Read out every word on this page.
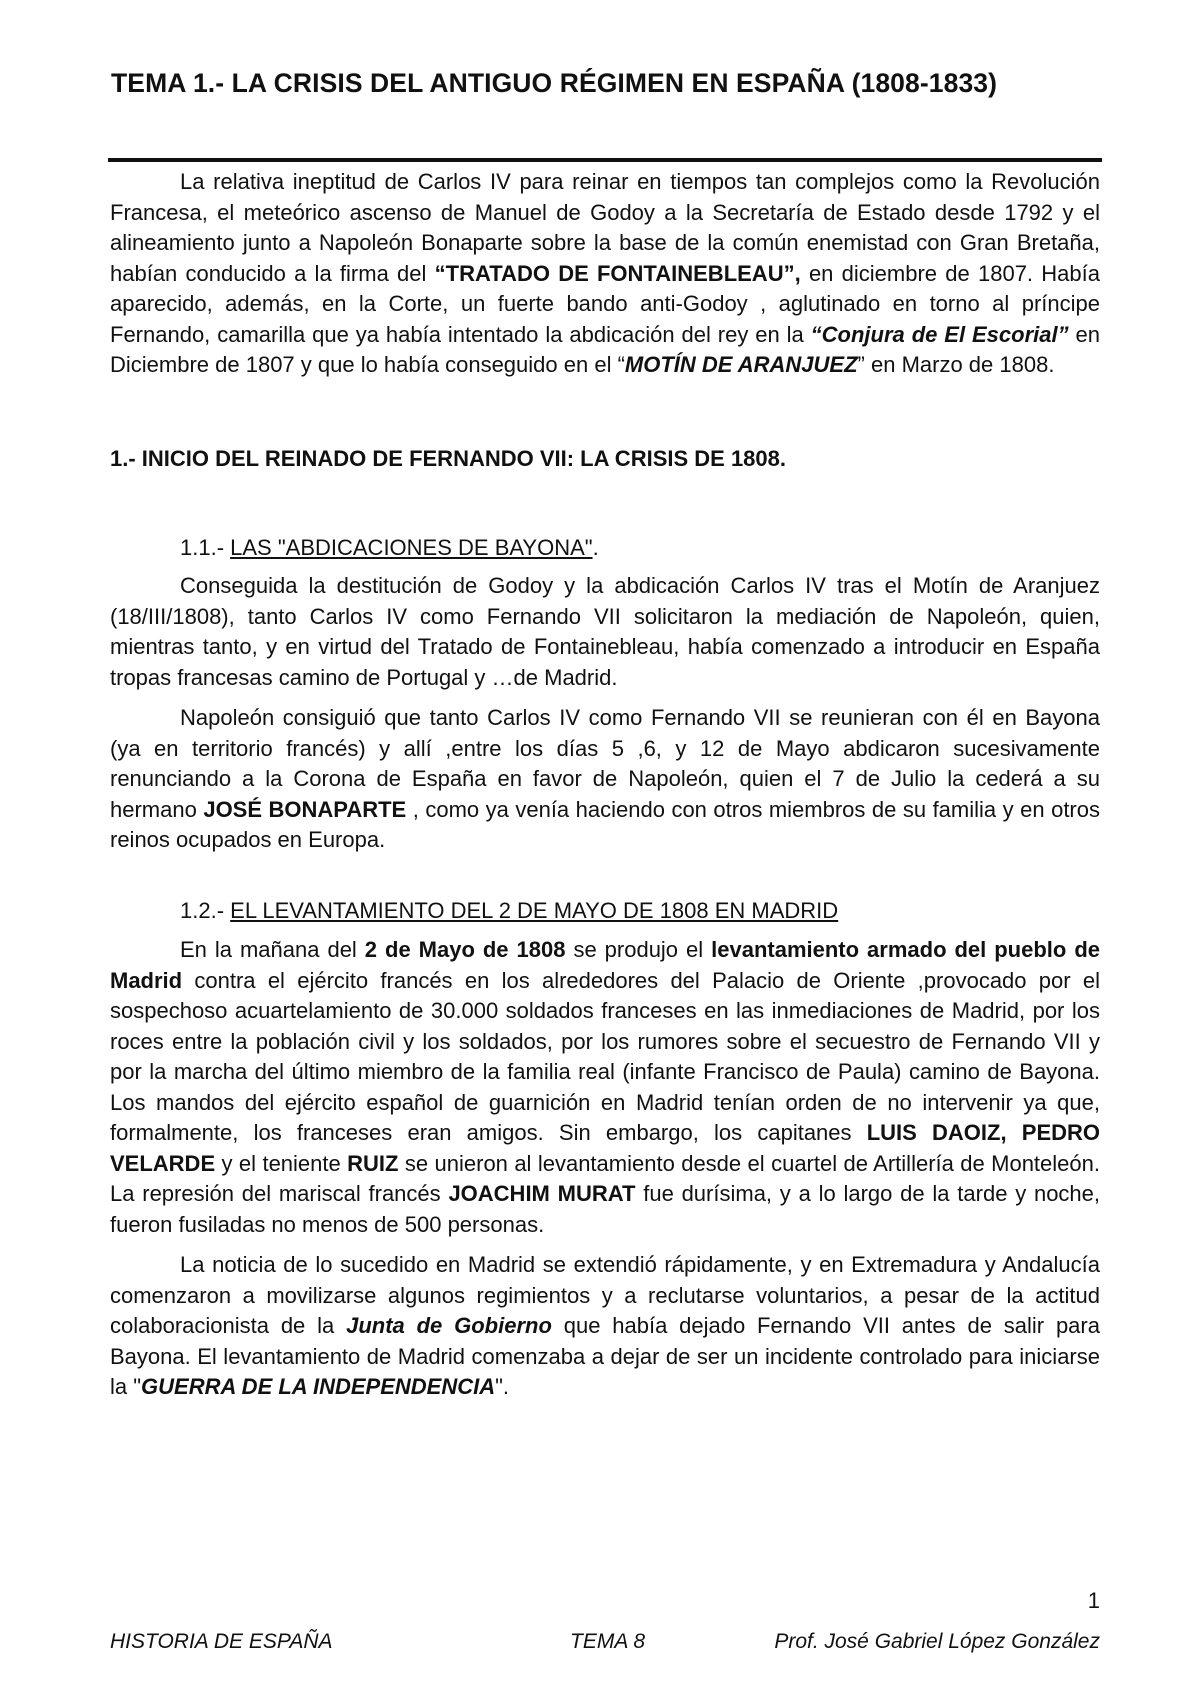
TEMA 1.- LA CRISIS DEL ANTIGUO RÉGIMEN EN ESPAÑA (1808-1833)

La relativa ineptitud de Carlos IV para reinar en tiempos tan complejos como la Revolución Francesa, el meteórico ascenso de Manuel de Godoy a la Secretaría de Estado desde 1792 y el alineamiento junto a Napoleón Bonaparte sobre la base de la común enemistad con Gran Bretaña, habían conducido a la firma del “TRATADO DE FONTAINEBLEAU”, en diciembre de 1807. Había aparecido, además, en la Corte, un fuerte bando anti-Godoy , aglutinado en torno al príncipe Fernando, camarilla que ya había intentado la abdicación del rey en la “Conjura de El Escorial” en Diciembre de 1807 y que lo había conseguido en el “MOTÍN DE ARANJUEZ” en Marzo de 1808.

1.- INICIO DEL REINADO DE FERNANDO VII: LA CRISIS DE 1808.
1.1.- LAS "ABDICACIONES DE BAYONA".

Conseguida la destitución de Godoy y la abdicación Carlos IV tras el Motín de Aranjuez (18/III/1808), tanto Carlos IV como Fernando VII solicitaron la mediación de Napoleón, quien, mientras tanto, y en virtud del Tratado de Fontainebleau, había comenzado a introducir en España tropas francesas camino de Portugal y …de Madrid.

Napoleón consiguió que tanto Carlos IV como Fernando VII se reunieran con él en Bayona (ya en territorio francés) y allí ,entre los días 5 ,6, y 12 de Mayo abdicaron sucesivamente renunciando a la Corona de España en favor de Napoleón, quien el 7 de Julio la cederá a su hermano JOSÉ BONAPARTE , como ya venía haciendo con otros miembros de su familia y en otros reinos ocupados en Europa.

1.2.- EL LEVANTAMIENTO DEL 2 DE MAYO DE 1808 EN MADRID

En la mañana del 2 de Mayo de 1808 se produjo el levantamiento armado del pueblo de Madrid contra el ejército francés en los alrededores del Palacio de Oriente ,provocado por el sospechoso acuartelamiento de 30.000 soldados franceses en las inmediaciones de Madrid, por los roces entre la población civil y los soldados, por los rumores sobre el secuestro de Fernando VII y por la marcha del último miembro de la familia real (infante Francisco de Paula) camino de Bayona. Los mandos del ejército español de guarnición en Madrid tenían orden de no intervenir ya que, formalmente, los franceses eran amigos. Sin embargo, los capitanes LUIS DAOIZ, PEDRO VELARDE y el teniente RUIZ se unieron al levantamiento desde el cuartel de Artillería de Monteleón. La represión del mariscal francés JOACHIM MURAT fue durísima, y a lo largo de la tarde y noche, fueron fusiladas no menos de 500 personas.

La noticia de lo sucedido en Madrid se extendió rápidamente, y en Extremadura y Andalucía comenzaron a movilizarse algunos regimientos y a reclutarse voluntarios, a pesar de la actitud colaboracionista de la Junta de Gobierno que había dejado Fernando VII antes de salir para Bayona. El levantamiento de Madrid comenzaba a dejar de ser un incidente controlado para iniciarse la "GUERRA DE LA INDEPENDENCIA".

1
HISTORIA DE ESPAÑA	TEMA 8	Prof. José Gabriel López González
